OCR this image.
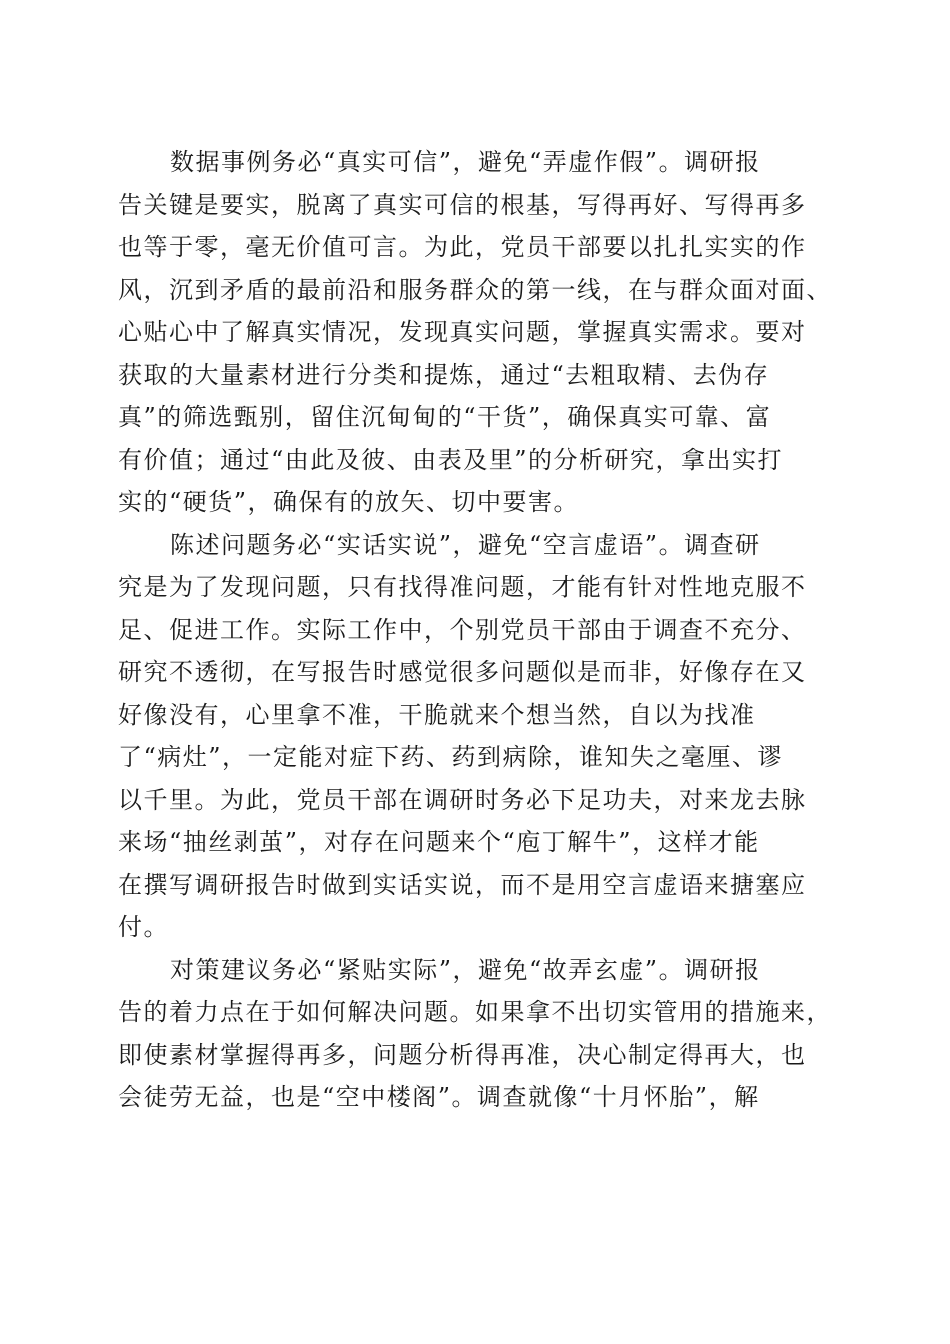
数据事例务必“真实可信”，避免“弄虚作假”。调研报
告关键是要实，脱离了真实可信的根基，写得再好、写得再多
也等于零，毫无价值可言。为此，党员干部要以扎扎实实的作
风，沉到矛盾的最前沿和服务群众的第一线，在与群众面对面、
心贴心中了解真实情况，发现真实问题，掌握真实需求。要对
获取的大量素材进行分类和提炼，通过“去粗取精、去伪存
真”的筛选甄别，留住沉甸甸的“干货”，确保真实可靠、富
有价值；通过“由此及彼、由表及里”的分析研究，拿出实打
实的“硬货”，确保有的放矢、切中要害。
陈述问题务必“实话实说”，避免“空言虚语”。调查研
究是为了发现问题，只有找得准问题，才能有针对性地克服不
足、促进工作。实际工作中，个别党员干部由于调查不充分、
研究不透彻，在写报告时感觉很多问题似是而非，好像存在又
好像没有，心里拿不准，干脆就来个想当然，自以为找准
了“病灶”，一定能对症下药、药到病除，谁知失之毫厘、谬
以千里。为此，党员干部在调研时务必下足功夫，对来龙去脉
来场“抽丝剥茧”，对存在问题来个“庖丁解牛”，这样才能
在撰写调研报告时做到实话实说，而不是用空言虚语来搪塞应
付。
对策建议务必“紧贴实际”，避免“故弄玄虚”。调研报
告的着力点在于如何解决问题。如果拿不出切实管用的措施来，
即使素材掌握得再多，问题分析得再准，决心制定得再大，也
会徒劳无益，也是“空中楼阁”。调查就像“十月怀胎”，解
